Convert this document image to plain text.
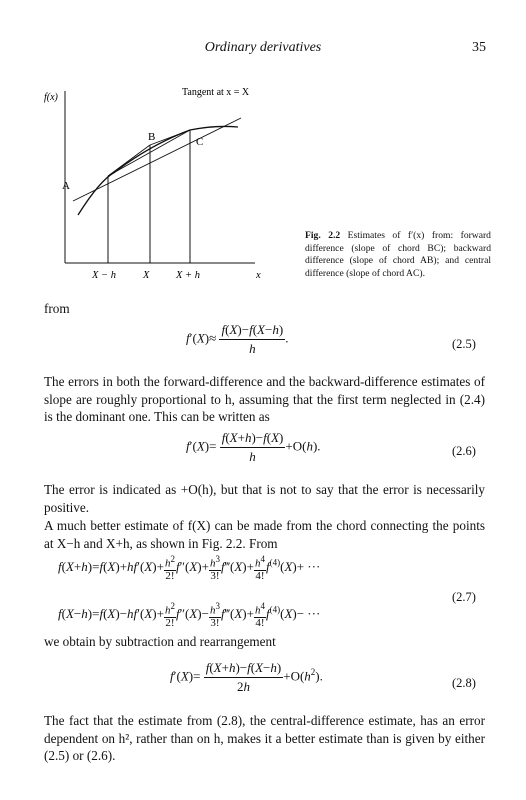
Ordinary derivatives	35
f(x)	Tangent at x = X
A
B	C
X − h	X	X + h	x
Fig. 2.2 Estimates of f′(x) from: forward difference (slope of chord BC); backward difference (slope of chord AB); and central difference (slope of chord AC).
from
$f'(X)\approx \frac{f(X)-f(X-h)}{h}$ .	(2.5)
The errors in both the forward-difference and the backward-difference estimates of slope are roughly proportional to h, assuming that the first term neglected in (2.4) is the dominant one. This can be written as
$f'(X)= \frac{f(X+h)-f(X)}{h} +O(h)$.	(2.6)
The error is indicated as +O(h), but that is not to say that the error is necessarily positive.
A much better estimate of f(X) can be made from the chord connecting the points at X−h and X+h, as shown in Fig. 2.2. From
$f(X+h)=f(X)+hf'(X)+ \frac{h^2}{2!} f''(X)+ \frac{h^3}{3!}$ f‴(X)+ $\frac{h^4}{4!} f^{(4)}(X)+$ ···
(2.7)
$f(X-h)=f(X)-hf'(X)+ \frac{h^2}{2!} f''(X)- \frac{h^3}{3!}$ f‴(X)+ $\frac{h^4}{4!} f^{(4)}(X)-$ ···
we obtain by subtraction and rearrangement
$f'(X)= \frac{f(X+h)-f(X-h)}{2h} +O(h^2)$.	(2.8)
The fact that the estimate from (2.8), the central-difference estimate, has an error dependent on h², rather than on h, makes it a better estimate than is given by either (2.5) or (2.6).
